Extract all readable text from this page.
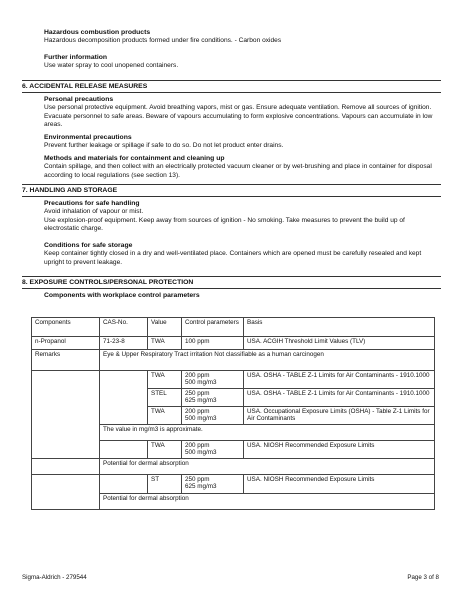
Hazardous combustion products

Hazardous decomposition products formed under fire conditions. - Carbon oxides

Further information

Use water spray to cool unopened containers.

6. ACCIDENTAL RELEASE MEASURES
Personal precautions

Use personal protective equipment. Avoid breathing vapors, mist or gas. Ensure adequate ventilation. Remove all sources of ignition. Evacuate personnel to safe areas. Beware of vapours accumulating to form explosive concentrations. Vapours can accumulate in low areas.

Environmental precautions

Prevent further leakage or spillage if safe to do so. Do not let product enter drains.

Methods and materials for containment and cleaning up

Contain spillage, and then collect with an electrically protected vacuum cleaner or by wet-brushing and place in container for disposal according to local regulations (see section 13).

7. HANDLING AND STORAGE
Precautions for safe handling

Avoid inhalation of vapour or mist.

Use explosion-proof equipment. Keep away from sources of ignition - No smoking. Take measures to prevent the build up of electrostatic charge.

Conditions for safe storage

Keep container tightly closed in a dry and well-ventilated place. Containers which are opened must be carefully resealed and kept upright to prevent leakage.

8. EXPOSURE CONTROLS/PERSONAL PROTECTION
Components with workplace control parameters
Components	CAS-No.	Value	Control parameters	Basis
n-Propanol	71-23-8	TWA	100 ppm	USA. ACGIH Threshold Limit Values (TLV)
Remarks	Eye & Upper Respiratory Tract irritation Not classifiable as a human carcinogen			
		TWA	200 ppm
500 mg/m3	USA. OSHA - TABLE Z-1 Limits for Air Contaminants - 1910.1000
		STEL	250 ppm
625 mg/m3	USA. OSHA - TABLE Z-1 Limits for Air Contaminants - 1910.1000
		TWA	200 ppm
500 mg/m3	USA. Occupational Exposure Limits (OSHA) - Table Z-1 Limits for Air Contaminants
	The value in mg/m3 is approximate.			
		TWA	200 ppm
500 mg/m3	USA. NIOSH Recommended Exposure Limits
	Potential for dermal absorption			
		ST	250 ppm
625 mg/m3	USA. NIOSH Recommended Exposure Limits
	Potential for dermal absorption			
Sigma-Aldrich - 279544	Page 3 of 8
